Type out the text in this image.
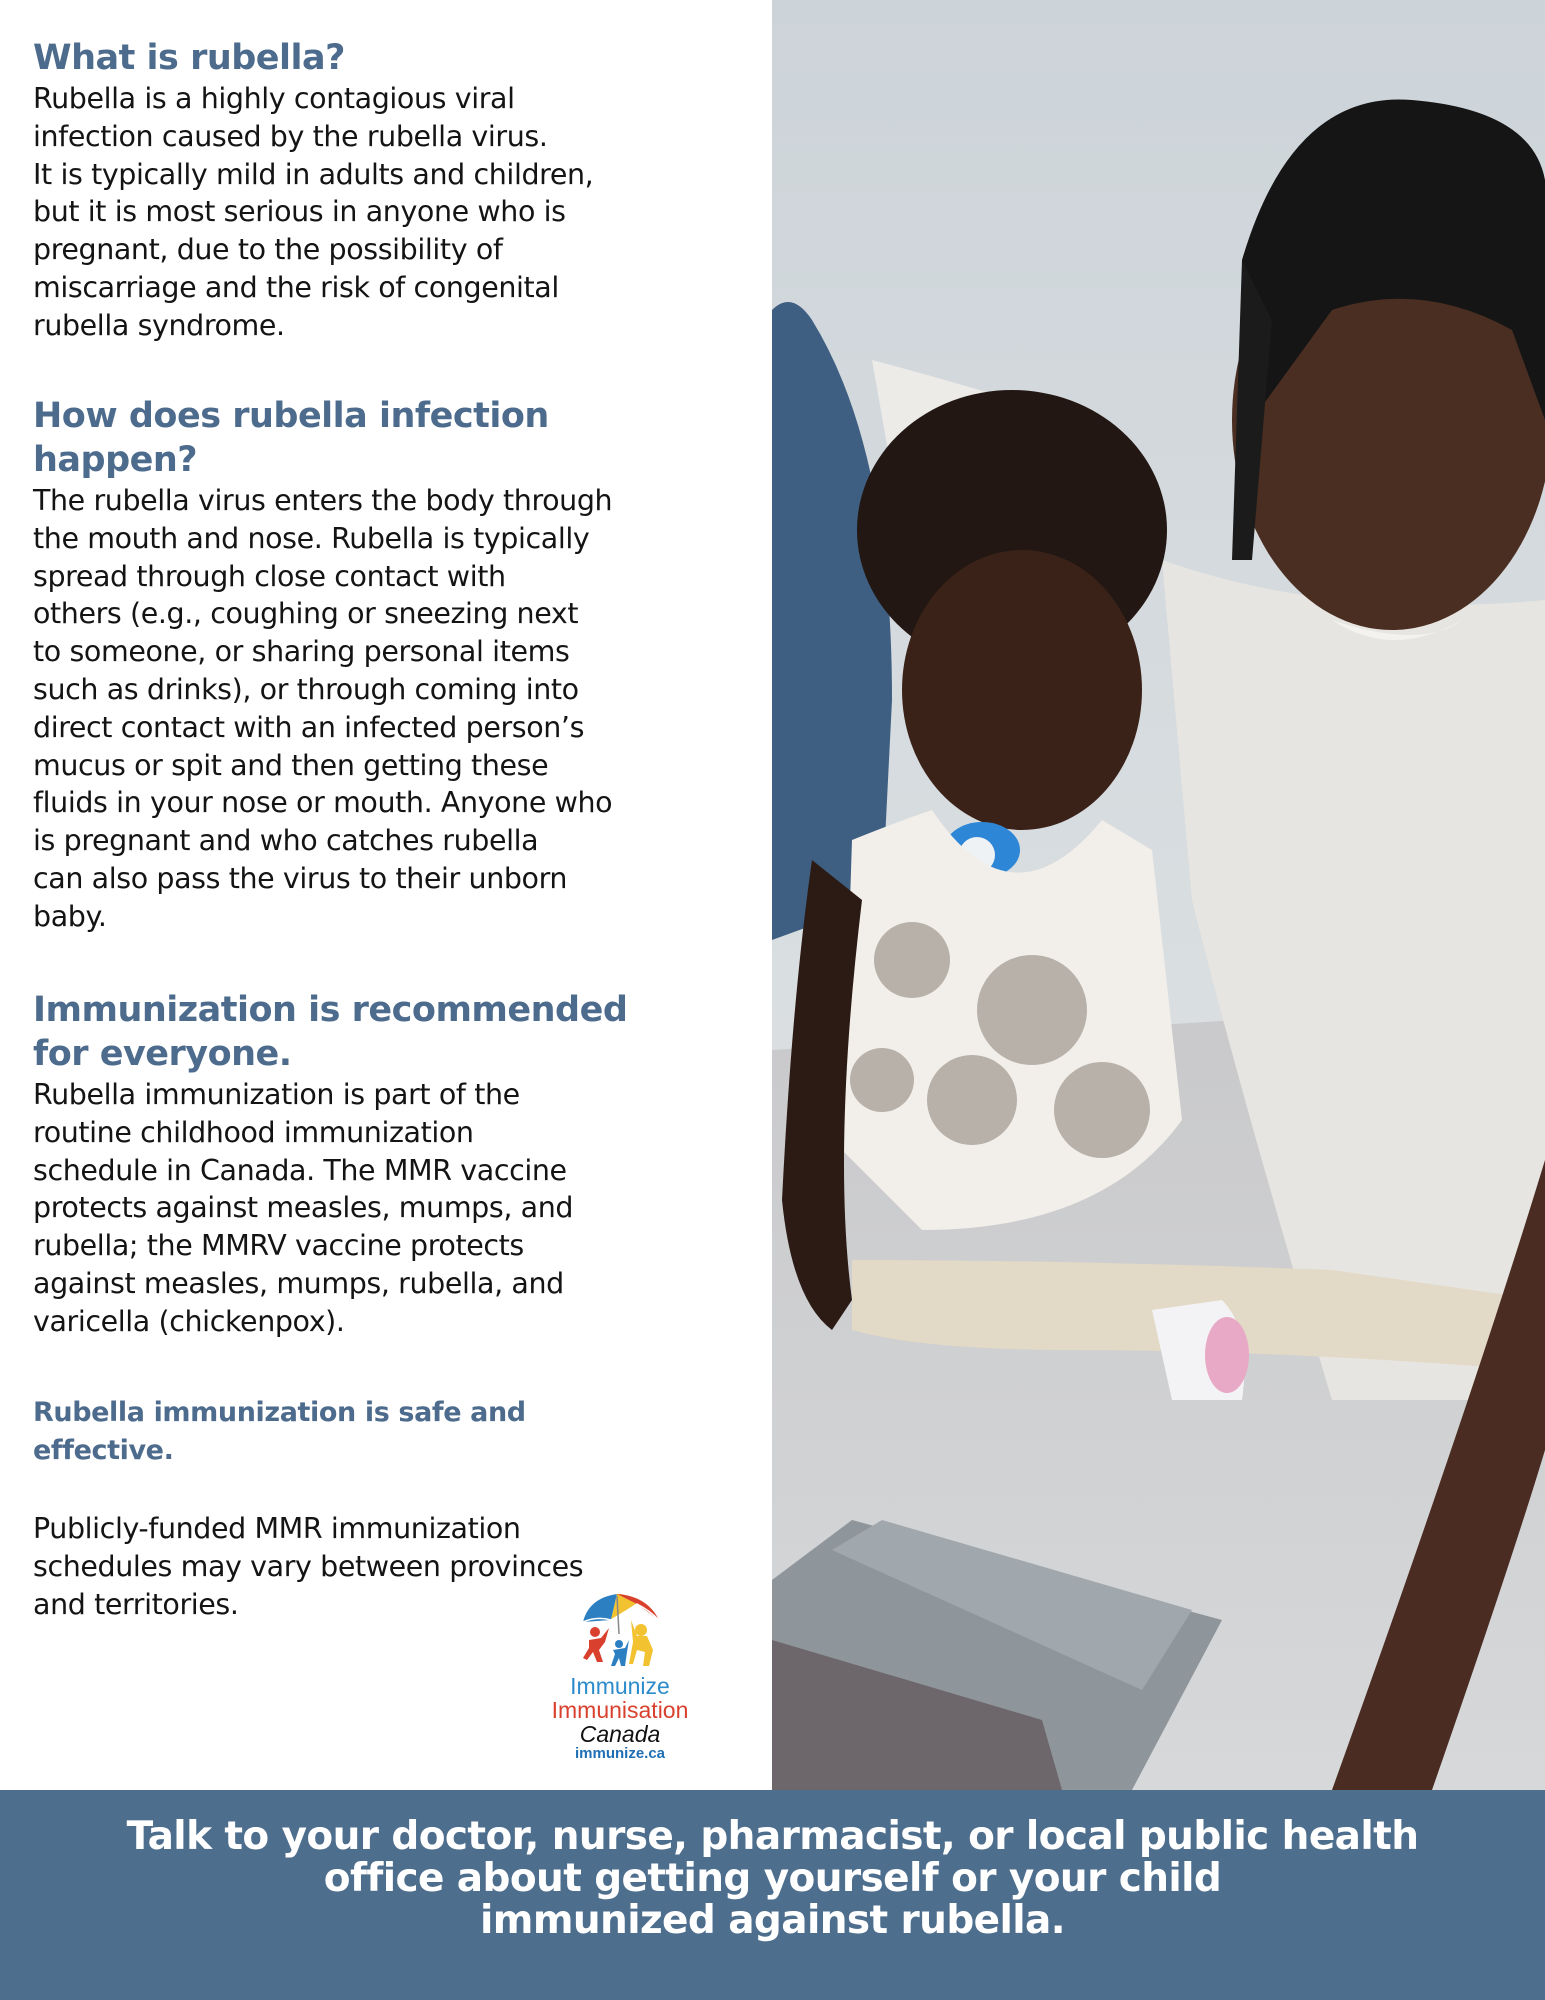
What is rubella?
Rubella is a highly contagious viral
infection caused by the rubella virus.
It is typically mild in adults and children,
but it is most serious in anyone who is
pregnant, due to the possibility of
miscarriage and the risk of congenital
rubella syndrome.
How does rubella infection
happen?
The rubella virus enters the body through
the mouth and nose. Rubella is typically
spread through close contact with
others (e.g., coughing or sneezing next
to someone, or sharing personal items
such as drinks), or through coming into
direct contact with an infected person’s
mucus or spit and then getting these
fluids in your nose or mouth. Anyone who
is pregnant and who catches rubella
can also pass the virus to their unborn
baby.
Immunization is recommended
for everyone.
Rubella immunization is part of the
routine childhood immunization
schedule in Canada. The MMR vaccine
protects against measles, mumps, and
rubella; the MMRV vaccine protects
against measles, mumps, rubella, and
varicella (chickenpox).
Rubella immunization is safe and
effective.
Publicly-funded MMR immunization
schedules may vary between provinces
and territories.
Immunize
Immunisation
Canada
immunize.ca

Talk to your doctor, nurse, pharmacist, or local public health
office about getting yourself or your child
immunized against rubella.
